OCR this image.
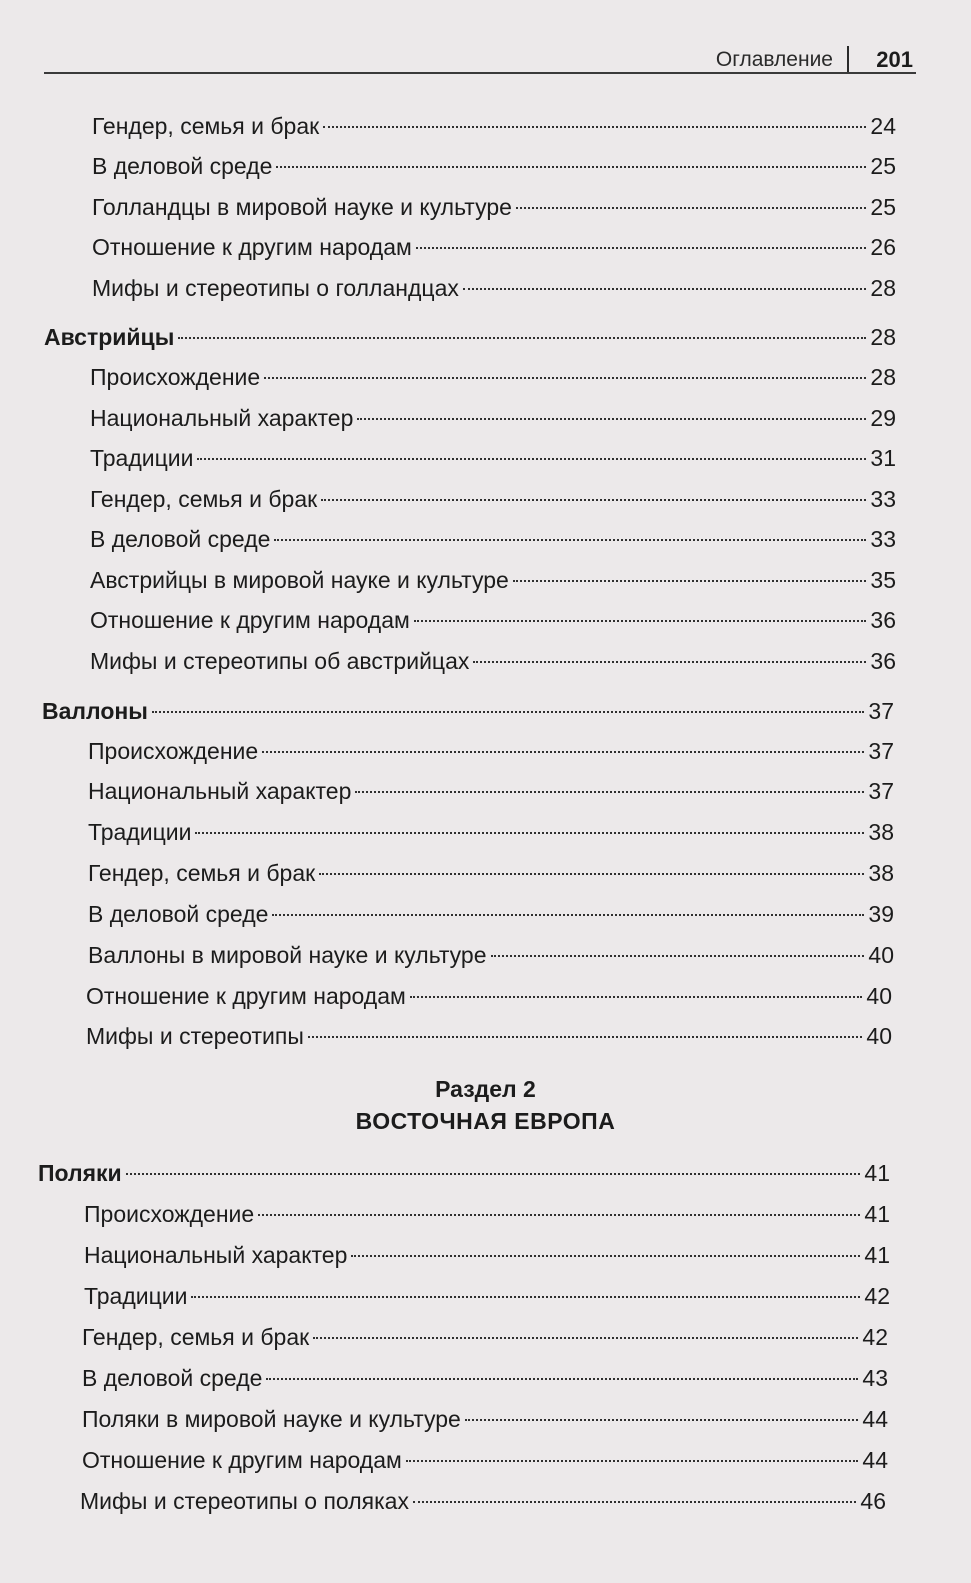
Оглавление 201
Гендер, семья и брак	24
В деловой среде	25
Голландцы в мировой науке и культуре	25
Отношение к другим народам	26
Мифы и стереотипы о голландцах	28
Австрийцы	28
Происхождение	28
Национальный характер	29
Традиции	31
Гендер, семья и брак	33
В деловой среде	33
Австрийцы в мировой науке и культуре	35
Отношение к другим народам	36
Мифы и стереотипы об австрийцах	36
Валлоны	37
Происхождение	37
Национальный характер	37
Традиции	38
Гендер, семья и брак	38
В деловой среде	39
Валлоны в мировой науке и культуре	40
Отношение к другим народам	40
Мифы и стереотипы	40
Раздел 2
ВОСТОЧНАЯ ЕВРОПА
Поляки	41
Происхождение	41
Национальный характер	41
Традиции	42
Гендер, семья и брак	42
В деловой среде	43
Поляки в мировой науке и культуре	44
Отношение к другим народам	44
Мифы и стереотипы о поляках	46
